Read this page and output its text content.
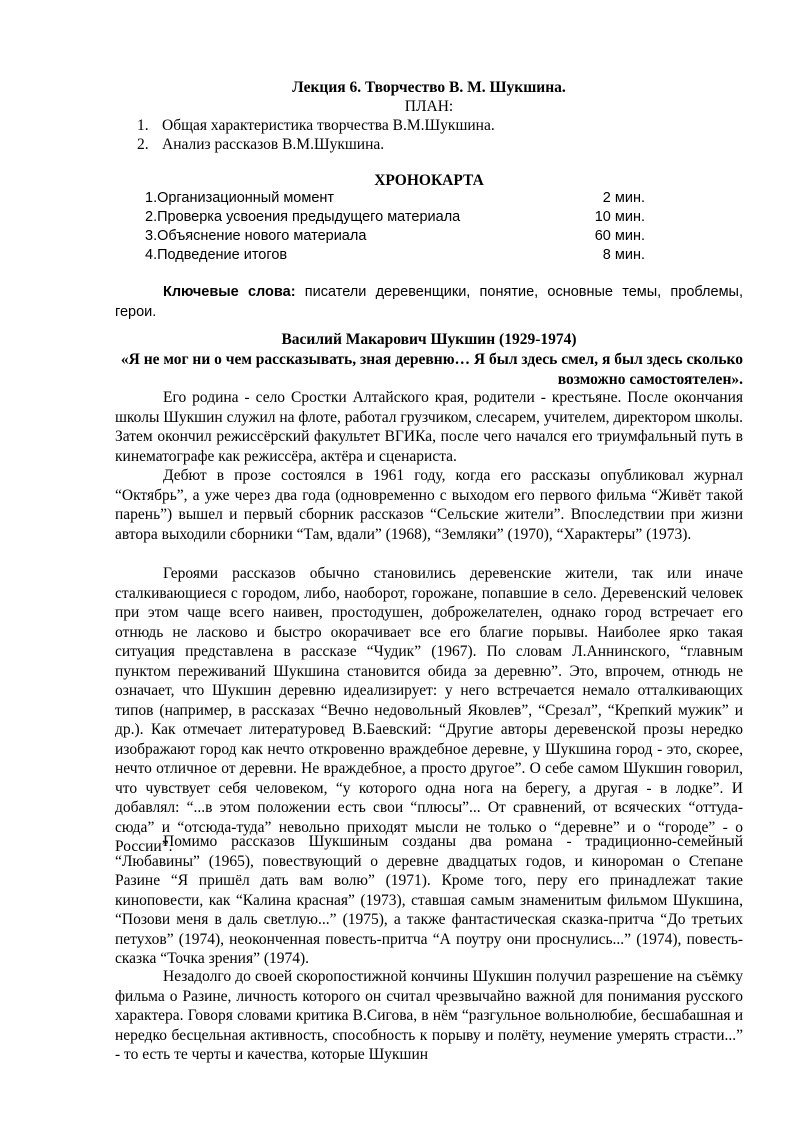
Лекция 6. Творчество В. М. Шукшина.
ПЛАН:
1. Общая характеристика творчества В.М.Шукшина.
2. Анализ рассказов В.М.Шукшина.
ХРОНОКАРТА
1.Организационный момент	2 мин.
2.Проверка усвоения предыдущего материала	10 мин.
3.Объяснение нового материала	60 мин.
4.Подведение итогов	8 мин.

Ключевые слова: писатели деревенщики, понятие, основные темы, проблемы, герои.

Василий Макарович Шукшин (1929-1974)
«Я не мог ни о чем рассказывать, зная деревню… Я был здесь смел, я был здесь сколько возможно самостоятелен».

Его родина - село Сростки Алтайского края, родители - крестьяне. После окончания школы Шукшин служил на флоте, работал грузчиком, слесарем, учителем, директором школы. Затем окончил режиссёрский факультет ВГИКа, после чего начался его триумфальный путь в кинематографе как режиссёра, актёра и сценариста.

Дебют в прозе состоялся в 1961 году, когда его рассказы опубликовал журнал “Октябрь”, а уже через два года (одновременно с выходом его первого фильма “Живёт такой парень”) вышел и первый сборник рассказов “Сельские жители”. Впоследствии при жизни автора выходили сборники “Там, вдали” (1968), “Земляки” (1970), “Характеры” (1973).

Героями рассказов обычно становились деревенские жители, так или иначе сталкивающиеся с городом, либо, наоборот, горожане, попавшие в село. Деревенский человек при этом чаще всего наивен, простодушен, доброжелателен, однако город встречает его отнюдь не ласково и быстро окорачивает все его благие порывы. Наиболее ярко такая ситуация представлена в рассказе “Чудик” (1967). По словам Л.Аннинского, “главным пунктом переживаний Шукшина становится обида за деревню”. Это, впрочем, отнюдь не означает, что Шукшин деревню идеализирует: у него встречается немало отталкивающих типов (например, в рассказах “Вечно недовольный Яковлев”, “Срезал”, “Крепкий мужик” и др.). Как отмечает литературовед В.Баевский: “Другие авторы деревенской прозы нередко изображают город как нечто откровенно враждебное деревне, у Шукшина город - это, скорее, нечто отличное от деревни. Не враждебное, а просто другое”. О себе самом Шукшин говорил, что чувствует себя человеком, “у которого одна нога на берегу, а другая - в лодке”. И добавлял: “...в этом положении есть свои “плюсы”... От сравнений, от всяческих “оттуда-сюда” и “отсюда-туда” невольно приходят мысли не только о “деревне” и о “городе” - о России”.

Помимо рассказов Шукшиным созданы два романа - традиционно-семейный “Любавины” (1965), повествующий о деревне двадцатых годов, и кинороман о Степане Разине “Я пришёл дать вам волю” (1971). Кроме того, перу его принадлежат такие киноповести, как “Калина красная” (1973), ставшая самым знаменитым фильмом Шукшина, “Позови меня в даль светлую...” (1975), а также фантастическая сказка-притча “До третьих петухов” (1974), неоконченная повесть-притча “А поутру они проснулись...” (1974), повесть-сказка “Точка зрения” (1974).

Незадолго до своей скоропостижной кончины Шукшин получил разрешение на съёмку фильма о Разине, личность которого он считал чрезвычайно важной для понимания русского характера. Говоря словами критика В.Сигова, в нём “разгульное вольнолюбие, бесшабашная и нередко бесцельная активность, способность к порыву и полёту, неумение умерять страсти...” - то есть те черты и качества, которые Шукшин
